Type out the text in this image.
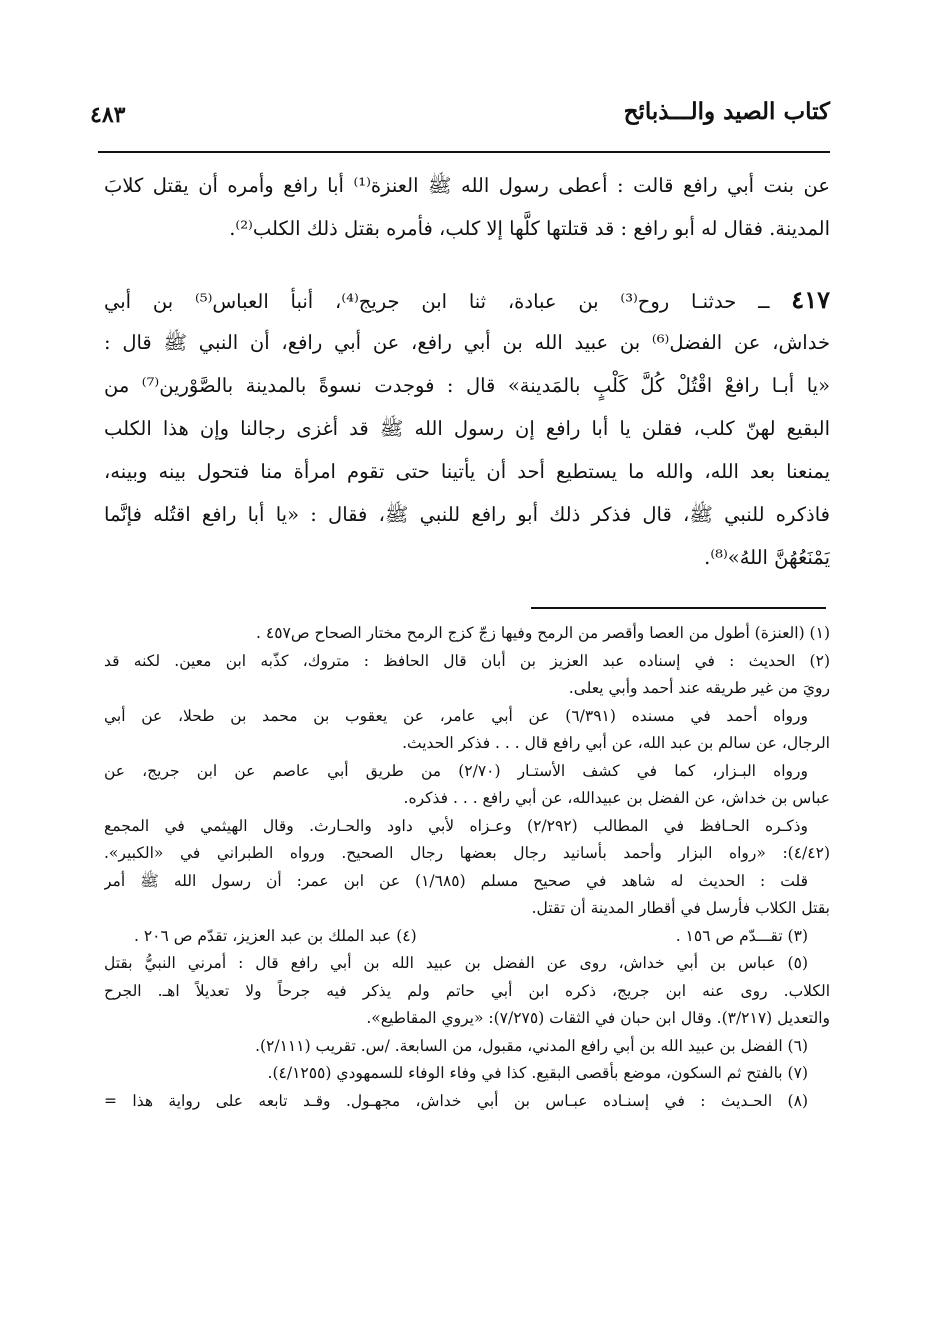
كتاب الصيد والـــذبائح
٤٨٣
عن بنت أبي رافع قالت : أعطى رسول الله ﷺ العنزة⁽¹⁾ أبا رافع وأمره أن يقتل كلابَ
المدينة. فقال له أبو رافع : قد قتلتها كلَّها إلا كلب، فأمره بقتل ذلك الكلب⁽²⁾.
٤١٧ ــ حدثنـا روح⁽³⁾ بن عبادة، ثنا ابن جريج⁽⁴⁾، أنبأ العباس⁽⁵⁾ بن أبي
خداش، عن الفضل⁽⁶⁾ بن عبيد الله بن أبي رافع، عن أبي رافع، أن النبي ﷺ قال :
«يا أبـا رافعْ اقْتُلْ كُلَّ كَلْبٍ بالمَدينة» قال : فوجدت نسوةً بالمدينة بالصَّوْرين⁽⁷⁾ من
البقيع لهنّ كلب، فقلن يا أبا رافع إن رسول الله ﷺ قد أغزى رجالنا وإن هذا الكلب
يمنعنا بعد الله، والله ما يستطيع أحد أن يأتينا حتى تقوم امرأة منا فتحول بينه وبينه،
فاذكره للنبي ﷺ، قال فذكر ذلك أبو رافع للنبي ﷺ، فقال : «يا أبا رافع اقتُله فإنَّما
يَمْنَعُهُنَّ اللهُ»⁽⁸⁾.
(١) (العنزة) أطول من العصا وأقصر من الرمح وفيها زجّ كزج الرمح مختار الصحاح ص٤٥٧ .
(٢) الحديث : في إسناده عبد العزيز بن أبان قال الحافظ : متروك، كذّبه ابن معين. لكنه قد
رويَ من غير طريقه عند أحمد وأبي يعلى.
ورواه أحمد في مسنده (٦/٣٩١) عن أبي عامر، عن يعقوب بن محمد بن طحلا، عن أبي
الرجال، عن سالم بن عبد الله، عن أبي رافع قال . . . فذكر الحديث.
ورواه البـزار، كما في كشف الأستـار (٢/٧٠) من طريق أبي عاصم عن ابن جريج، عن
عباس بن خداش، عن الفضل بن عبيدالله، عن أبي رافع . . . فذكره.
وذكـره الحـافظ في المطالب (٢/٢٩٢) وعـزاه لأبي داود والحـارث. وقال الهيثمي في المجمع
(٤/٤٢): «رواه البزار وأحمد بأسانيد رجال بعضها رجال الصحيح. ورواه الطبراني في «الكبير».
قلت : الحديث له شاهد في صحيح مسلم (١/٦٨٥) عن ابن عمر: أن رسول الله ﷺ أمر
بقتل الكلاب فأرسل في أقطار المدينة أن تقتل.
(٣) تقـــدّم ص ١٥٦ .
(٤) عبد الملك بن عبد العزيز، تقدّم ص ٢٠٦ .
(٥) عباس بن أبي خداش، روى عن الفضل بن عبيد الله بن أبي رافع قال : أمرني النبيُّ بقتل
الكلاب. روى عنه ابن جريج، ذكره ابن أبي حاتم ولم يذكر فيه جرحاً ولا تعديلاً اهـ. الجرح
والتعديل (٣/٢١٧). وقال ابن حبان في الثقات (٧/٢٧٥): «يروي المقاطيع».
(٦) الفضل بن عبيد الله بن أبي رافع المدني، مقبول، من السابعة. /س. تقريب (٢/١١١).
(٧) بالفتح ثم السكون، موضع بأقصى البقيع. كذا في وفاء الوفاء للسمهودي (٤/١٢٥٥).
(٨) الحـديث : في إسنـاده عبـاس بن أبي خداش، مجهـول. وقـد تابعه على رواية هذا =
